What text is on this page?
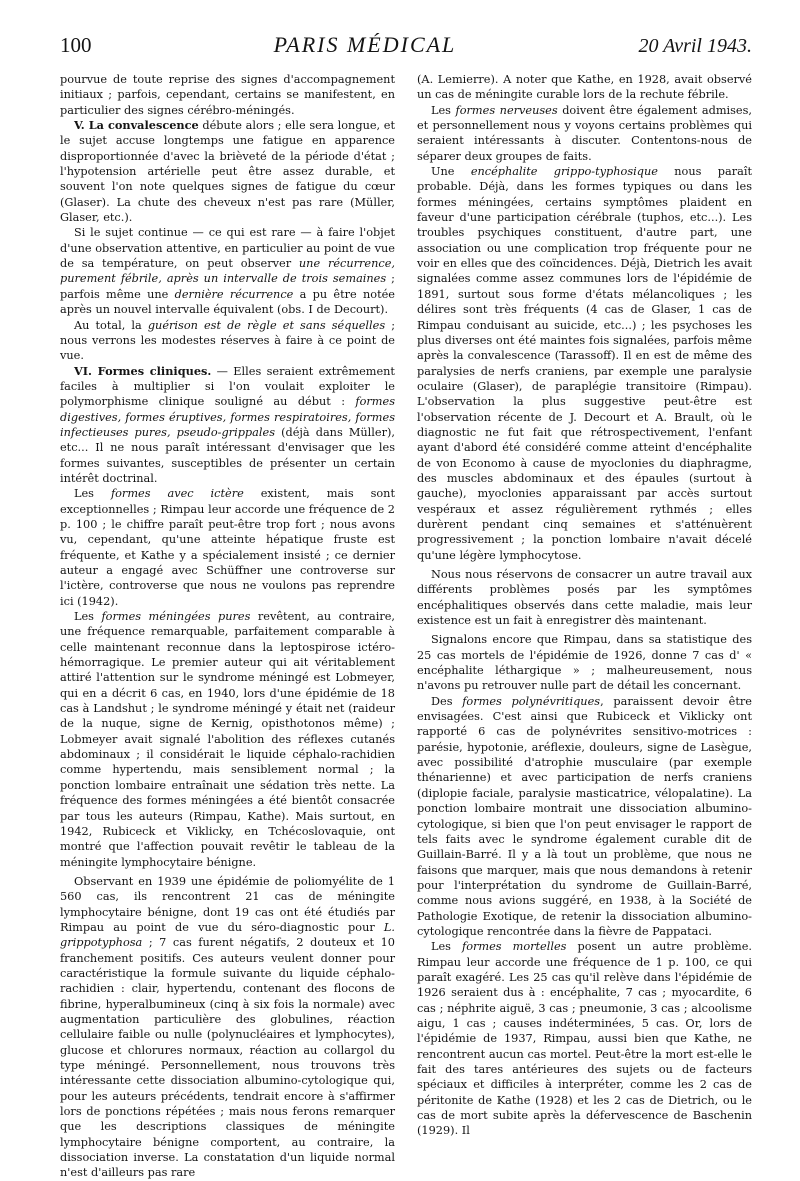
100	PARIS MÉDICAL	20 Avril 1943.

pourvue de toute reprise des signes d'accompagnement initiaux ; parfois, cependant, certains se manifestent, en particulier des signes cérébro-méningés.

V. La convalescence débute alors ; elle sera longue, et le sujet accuse longtemps une fatigue en apparence disproportionnée d'avec la brièveté de la période d'état ; l'hypotension artérielle peut être assez durable, et souvent l'on note quelques signes de fatigue du cœur (Glaser). La chute des cheveux n'est pas rare (Müller, Glaser, etc.).

Si le sujet continue — ce qui est rare — à faire l'objet d'une observation attentive, en particulier au point de vue de sa température, on peut observer une récurrence, purement fébrile, après un intervalle de trois semaines ; parfois même une dernière récurrence a pu être notée après un nouvel intervalle équivalent (obs. I de Decourt).

Au total, la guérison est de règle et sans séquelles ; nous verrons les modestes réserves à faire à ce point de vue.

VI. Formes cliniques. — Elles seraient extrêmement faciles à multiplier si l'on voulait exploiter le polymorphisme clinique souligné au début : formes digestives, formes éruptives, formes respiratoires, formes infectieuses pures, pseudo-grippales (déjà dans Müller), etc... Il ne nous paraît intéressant d'envisager que les formes suivantes, susceptibles de présenter un certain intérêt doctrinal.

Les formes avec ictère existent, mais sont exceptionnelles ; Rimpau leur accorde une fréquence de 2 p. 100 ; le chiffre paraît peut-être trop fort ; nous avons vu, cependant, qu'une atteinte hépatique fruste est fréquente, et Kathe y a spécialement insisté ; ce dernier auteur a engagé avec Schüffner une controverse sur l'ictère, controverse que nous ne voulons pas reprendre ici (1942).

Les formes méningées pures revêtent, au contraire, une fréquence remarquable, parfaitement comparable à celle maintenant reconnue dans la leptospirose ictéro-hémorragique. Le premier auteur qui ait véritablement attiré l'attention sur le syndrome méningé est Lobmeyer, qui en a décrit 6 cas, en 1940, lors d'une épidémie de 18 cas à Landshut ; le syndrome méningé y était net (raideur de la nuque, signe de Kernig, opisthotonos même) ; Lobmeyer avait signalé l'abolition des réflexes cutanés abdominaux ; il considérait le liquide céphalo-rachidien comme hypertendu, mais sensiblement normal ; la ponction lombaire entraînait une sédation très nette. La fréquence des formes méningées a été bientôt consacrée par tous les auteurs (Rimpau, Kathe). Mais surtout, en 1942, Rubiceck et Viklicky, en Tchécoslovaquie, ont montré que l'affection pouvait revêtir le tableau de la méningite lymphocytaire bénigne.

Observant en 1939 une épidémie de poliomyélite de 1 560 cas, ils rencontrent 21 cas de méningite lymphocytaire bénigne, dont 19 cas ont été étudiés par Rimpau au point de vue du séro-diagnostic pour L. grippotyphosa ; 7 cas furent négatifs, 2 douteux et 10 franchement positifs. Ces auteurs veulent donner pour caractéristique la formule suivante du liquide céphalo-rachidien : clair, hypertendu, contenant des flocons de fibrine, hyperalbumineux (cinq à six fois la normale) avec augmentation particulière des globulines, réaction cellulaire faible ou nulle (polynucléaires et lymphocytes), glucose et chlorures normaux, réaction au collargol du type méningé. Personnellement, nous trouvons très intéressante cette dissociation albumino-cytologique qui, pour les auteurs précédents, tendrait encore à s'affirmer lors de ponctions répétées ; mais nous ferons remarquer que les descriptions classiques de méningite lymphocytaire bénigne comportent, au contraire, la dissociation inverse. La constatation d'un liquide normal n'est d'ailleurs pas rare

(A. Lemierre). A noter que Kathe, en 1928, avait observé un cas de méningite curable lors de la rechute fébrile.

Les formes nerveuses doivent être également admises, et personnellement nous y voyons certains problèmes qui seraient intéressants à discuter. Contentons-nous de séparer deux groupes de faits.

Une encéphalite grippo-typhosique nous paraît probable. Déjà, dans les formes typiques ou dans les formes méningées, certains symptômes plaident en faveur d'une participation cérébrale (tuphos, etc...). Les troubles psychiques constituent, d'autre part, une association ou une complication trop fréquente pour ne voir en elles que des coïncidences. Déjà, Dietrich les avait signalées comme assez communes lors de l'épidémie de 1891, surtout sous forme d'états mélancoliques ; les délires sont très fréquents (4 cas de Glaser, 1 cas de Rimpau conduisant au suicide, etc...) ; les psychoses les plus diverses ont été maintes fois signalées, parfois même après la convalescence (Tarassoff). Il en est de même des paralysies de nerfs craniens, par exemple une paralysie oculaire (Glaser), de paraplégie transitoire (Rimpau). L'observation la plus suggestive peut-être est l'observation récente de J. Decourt et A. Brault, où le diagnostic ne fut fait que rétrospectivement, l'enfant ayant d'abord été considéré comme atteint d'encéphalite de von Economo à cause de myoclonies du diaphragme, des muscles abdominaux et des épaules (surtout à gauche), myoclonies apparaissant par accès surtout vespéraux et assez régulièrement rythmés ; elles durèrent pendant cinq semaines et s'atténuèrent progressivement ; la ponction lombaire n'avait décelé qu'une légère lymphocytose.

Nous nous réservons de consacrer un autre travail aux différents problèmes posés par les symptômes encéphalitiques observés dans cette maladie, mais leur existence est un fait à enregistrer dès maintenant.

Signalons encore que Rimpau, dans sa statistique des 25 cas mortels de l'épidémie de 1926, donne 7 cas d' « encéphalite léthargique » ; malheureusement, nous n'avons pu retrouver nulle part de détail les concernant.

Des formes polynévritiques, paraissent devoir être envisagées. C'est ainsi que Rubiceck et Viklicky ont rapporté 6 cas de polynévrites sensitivo-motrices : parésie, hypotonie, aréflexie, douleurs, signe de Lasègue, avec possibilité d'atrophie musculaire (par exemple thénarienne) et avec participation de nerfs craniens (diplopie faciale, paralysie masticatrice, vélopalatine). La ponction lombaire montrait une dissociation albumino-cytologique, si bien que l'on peut envisager le rapport de tels faits avec le syndrome également curable dit de Guillain-Barré. Il y a là tout un problème, que nous ne faisons que marquer, mais que nous demandons à retenir pour l'interprétation du syndrome de Guillain-Barré, comme nous avions suggéré, en 1938, à la Société de Pathologie Exotique, de retenir la dissociation albumino-cytologique rencontrée dans la fièvre de Pappataci.

Les formes mortelles posent un autre problème. Rimpau leur accorde une fréquence de 1 p. 100, ce qui paraît exagéré. Les 25 cas qu'il relève dans l'épidémie de 1926 seraient dus à : encéphalite, 7 cas ; myocardite, 6 cas ; néphrite aiguë, 3 cas ; pneumonie, 3 cas ; alcoolisme aigu, 1 cas ; causes indéterminées, 5 cas. Or, lors de l'épidémie de 1937, Rimpau, aussi bien que Kathe, ne rencontrent aucun cas mortel. Peut-être la mort est-elle le fait des tares antérieures des sujets ou de facteurs spéciaux et difficiles à interpréter, comme les 2 cas de péritonite de Kathe (1928) et les 2 cas de Dietrich, ou le cas de mort subite après la défervescence de Baschenin (1929). Il
